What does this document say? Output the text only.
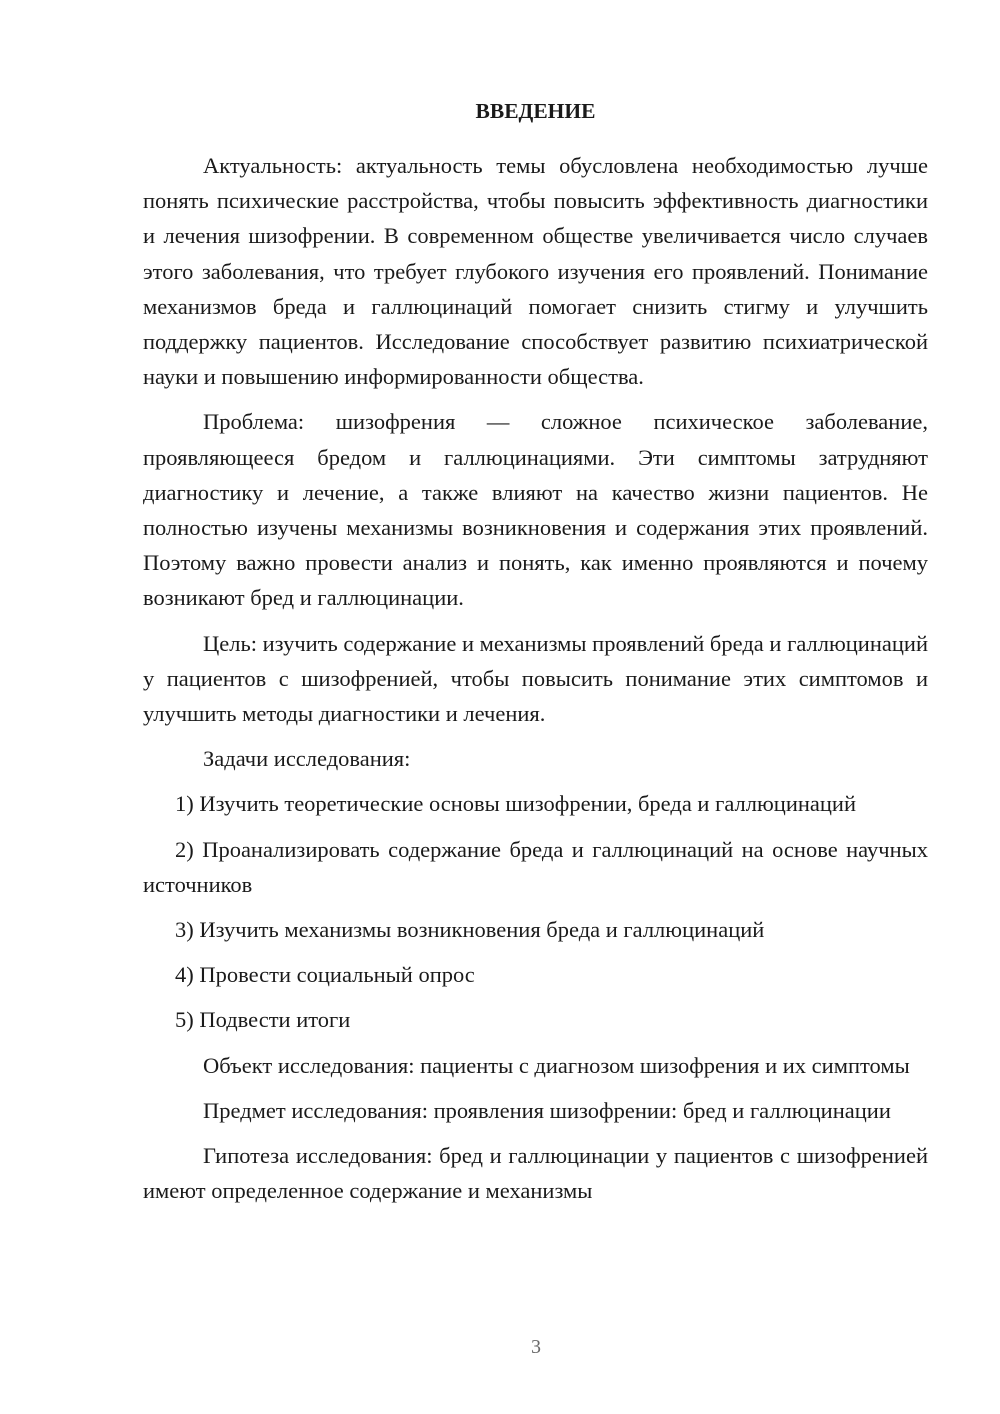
ВВЕДЕНИЕ

Актуальность: актуальность темы обусловлена необходимостью лучше понять психические расстройства, чтобы повысить эффективность диагностики и лечения шизофрении. В современном обществе увеличивается число случаев этого заболевания, что требует глубокого изучения его проявлений. Понимание механизмов бреда и галлюцинаций помогает снизить стигму и улучшить поддержку пациентов. Исследование способствует развитию психиатрической науки и повышению информированности общества.

Проблема: шизофрения — сложное психическое заболевание, проявляющееся бредом и галлюцинациями. Эти симптомы затрудняют диагностику и лечение, а также влияют на качество жизни пациентов. Не полностью изучены механизмы возникновения и содержания этих проявлений. Поэтому важно провести анализ и понять, как именно проявляются и почему возникают бред и галлюцинации.

Цель: изучить содержание и механизмы проявлений бреда и галлюцинаций у пациентов с шизофренией, чтобы повысить понимание этих симптомов и улучшить методы диагностики и лечения.

Задачи исследования:

1) Изучить теоретические основы шизофрении, бреда и галлюцинаций

2) Проанализировать содержание бреда и галлюцинаций на основе научных источников

3) Изучить механизмы возникновения бреда и галлюцинаций

4) Провести социальный опрос

5) Подвести итоги

Объект исследования: пациенты с диагнозом шизофрения и их симптомы

Предмет исследования: проявления шизофрении: бред и галлюцинации

Гипотеза исследования: бред и галлюцинации у пациентов с шизофренией имеют определенное содержание и механизмы

3
